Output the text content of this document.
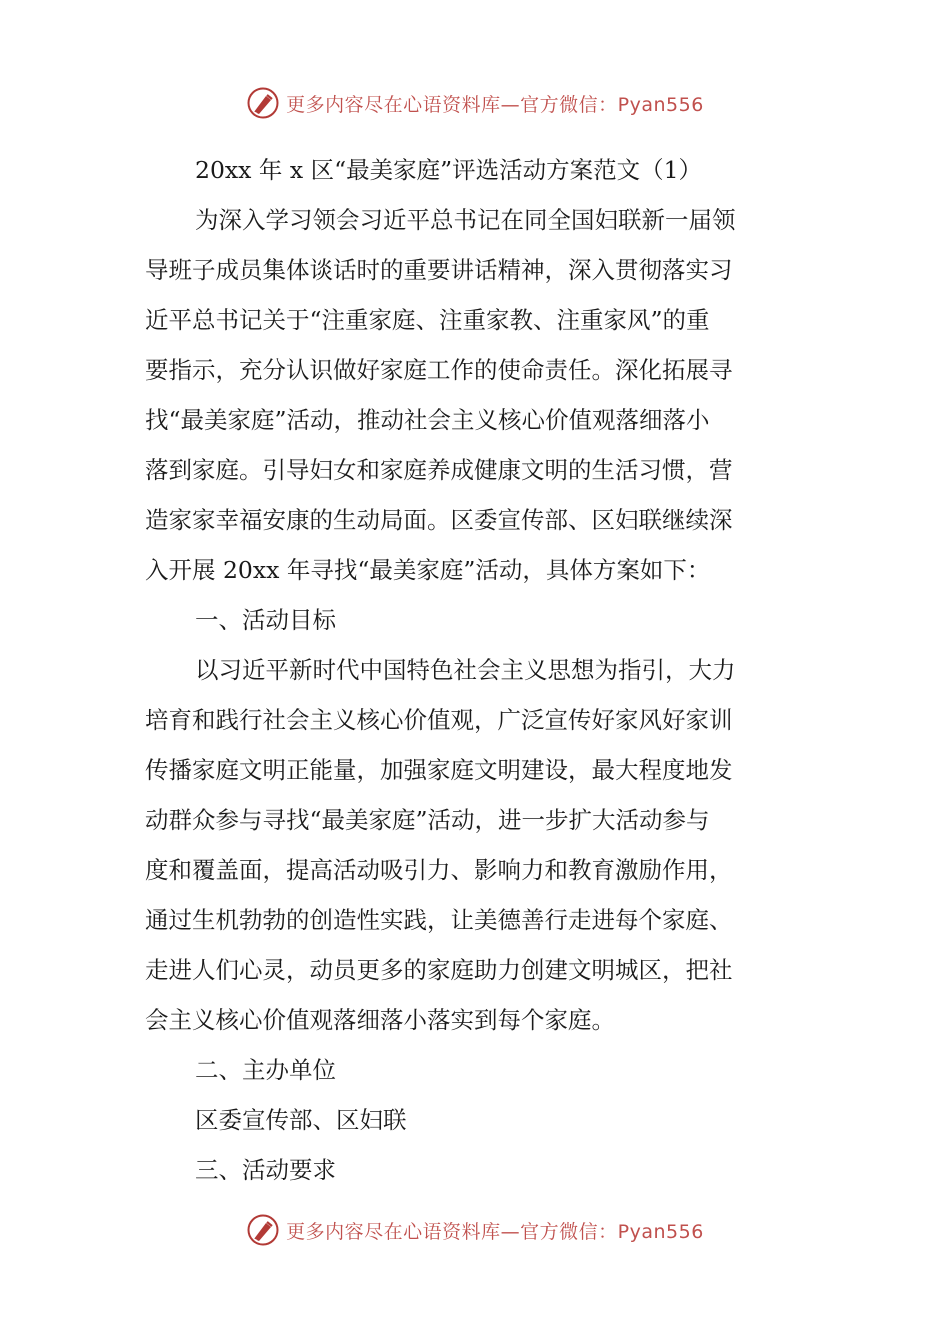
更多内容尽在心语资料库—官方微信：Pyan556
20xx 年 x 区“最美家庭”评选活动方案范文（1）
为深入学习领会习近平总书记在同全国妇联新一届领
导班子成员集体谈话时的重要讲话精神，深入贯彻落实习
近平总书记关于“注重家庭、注重家教、注重家风”的重
要指示，充分认识做好家庭工作的使命责任。深化拓展寻
找“最美家庭”活动，推动社会主义核心价值观落细落小
落到家庭。引导妇女和家庭养成健康文明的生活习惯，营
造家家幸福安康的生动局面。区委宣传部、区妇联继续深
入开展 20xx 年寻找“最美家庭”活动，具体方案如下：
一、活动目标
以习近平新时代中国特色社会主义思想为指引，大力
培育和践行社会主义核心价值观，广泛宣传好家风好家训
传播家庭文明正能量，加强家庭文明建设，最大程度地发
动群众参与寻找“最美家庭”活动，进一步扩大活动参与
度和覆盖面，提高活动吸引力、影响力和教育激励作用，
通过生机勃勃的创造性实践，让美德善行走进每个家庭、
走进人们心灵，动员更多的家庭助力创建文明城区，把社
会主义核心价值观落细落小落实到每个家庭。
二、主办单位
区委宣传部、区妇联
三、活动要求
更多内容尽在心语资料库—官方微信：Pyan556
